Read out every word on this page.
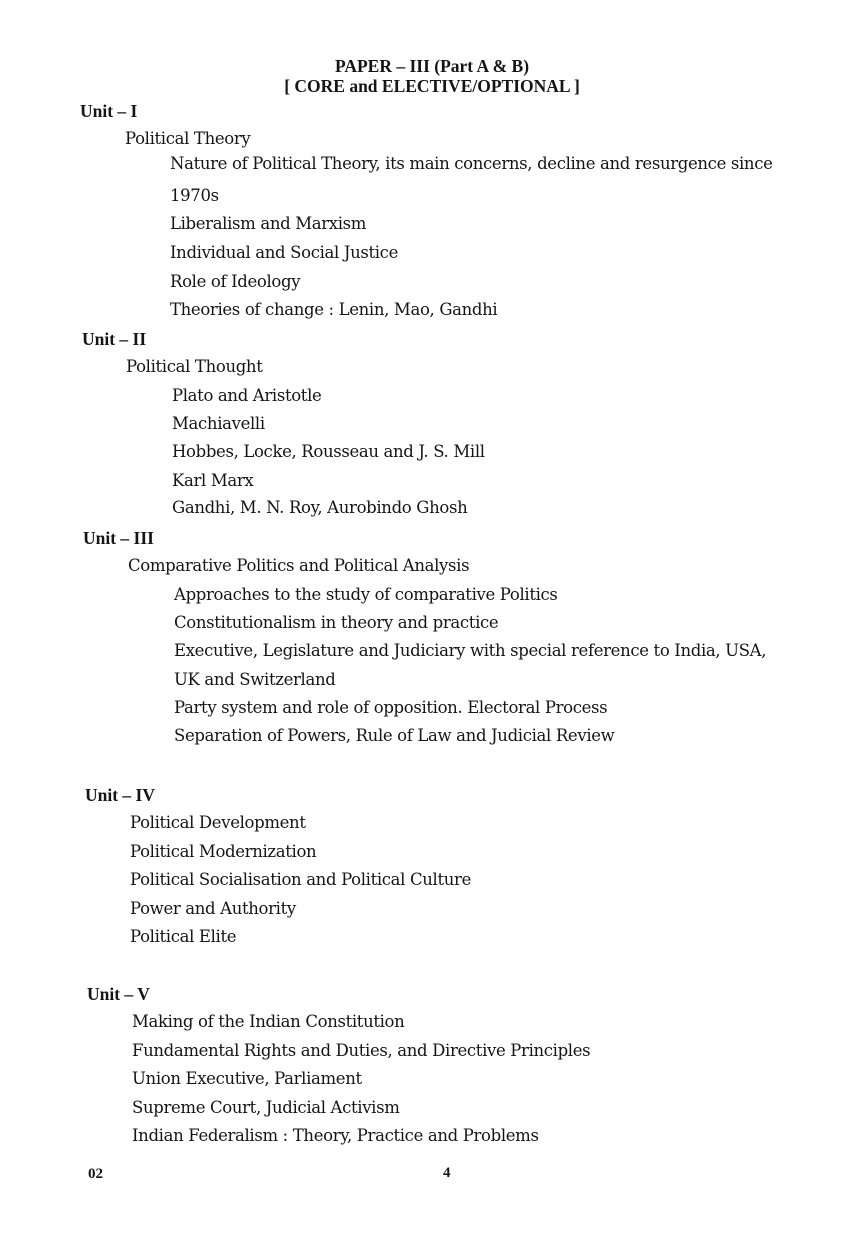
PAPER – III (Part A & B)
[ CORE and ELECTIVE/OPTIONAL ]
Unit – I
Political Theory
Nature of Political Theory, its main concerns, decline and resurgence since
1970s
Liberalism and Marxism
Individual and Social Justice
Role of Ideology
Theories of change : Lenin, Mao, Gandhi
Unit – II
Political Thought
Plato and Aristotle
Machiavelli
Hobbes, Locke, Rousseau and J. S. Mill
Karl Marx
Gandhi, M. N. Roy, Aurobindo Ghosh
Unit – III
Comparative Politics and Political Analysis
Approaches to the study of comparative Politics
Constitutionalism in theory and practice
Executive, Legislature and Judiciary with special reference to India, USA,
UK and Switzerland
Party system and role of opposition. Electoral Process
Separation of Powers, Rule of Law and Judicial Review
Unit – IV
Political Development
Political Modernization
Political Socialisation and Political Culture
Power and Authority
Political Elite
Unit – V
Making of the Indian Constitution
Fundamental Rights and Duties, and Directive Principles
Union Executive, Parliament
Supreme Court, Judicial Activism
Indian Federalism : Theory, Practice and Problems
02	4
